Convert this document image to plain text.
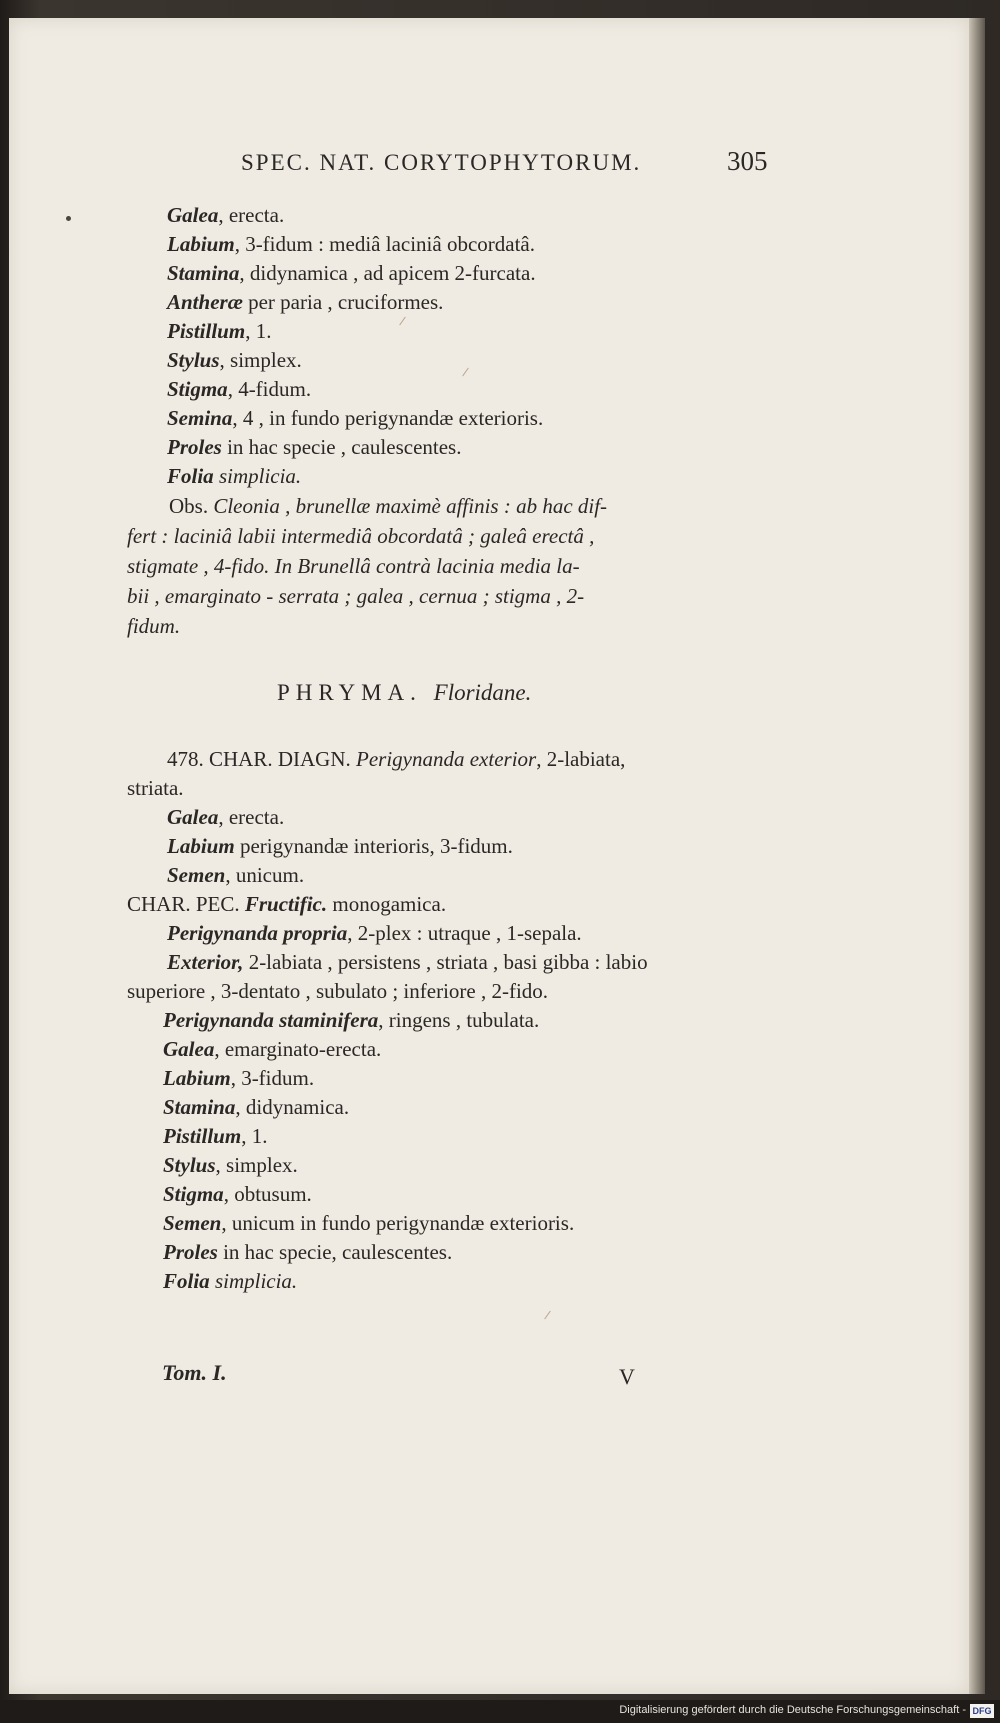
SPEC. NAT. CORYTOPHYTORUM.	305
Galea, erecta.
Labium, 3-fidum : mediâ laciniâ obcordatâ.
Stamina, didynamica , ad apicem 2-furcata.
Antheræ per paria , cruciformes.
Pistillum, 1.
Stylus, simplex.
Stigma, 4-fidum.
Semina, 4 , in fundo perigynandæ exterioris.
Proles in hac specie , caulescentes.
Folia simplicia.
Obs. Cleonia , brunellæ maximè affinis : ab hac dif-
fert : laciniâ labii intermediâ obcordatâ ; galeâ erectâ ,
stigmate , 4-fido. In Brunellâ contrà lacinia media la-
bii , emarginato - serrata ; galea , cernua ; stigma , 2-
fidum.
PHRYMA. Floridane.
478. CHAR. DIAGN. Perigynanda exterior, 2-labiata,
striata.
Galea, erecta.
Labium perigynandæ interioris, 3-fidum.
Semen, unicum.
CHAR. PEC. Fructific. monogamica.
Perigynanda propria, 2-plex : utraque , 1-sepala.
Exterior, 2-labiata , persistens , striata , basi gibba : labio
superiore , 3-dentato , subulato ; inferiore , 2-fido.
Perigynanda staminifera, ringens , tubulata.
Galea, emarginato-erecta.
Labium, 3-fidum.
Stamina, didynamica.
Pistillum, 1.
Stylus, simplex.
Stigma, obtusum.
Semen, unicum in fundo perigynandæ exterioris.
Proles in hac specie, caulescentes.
Folia simplicia.
Tom. I.	V
Digitalisierung gefördert durch die Deutsche Forschungsgemeinschaft - DFG
